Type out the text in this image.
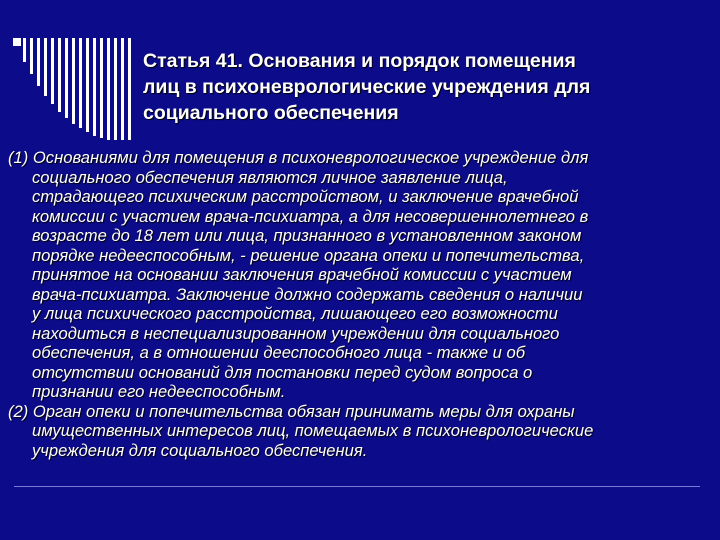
Статья 41. Основания и порядок помещения
лиц в психоневрологические учреждения для
социального обеспечения
(1) Основаниями для помещения в психоневрологическое учреждение для
социального обеспечения являются личное заявление лица,
страдающего психическим расстройством, и заключение врачебной
комиссии с участием врача-психиатра, а для несовершеннолетнего в
возрасте до 18 лет или лица, признанного в установленном законом
порядке недееспособным, - решение органа опеки и попечительства,
принятое на основании заключения врачебной комиссии с участием
врача-психиатра. Заключение должно содержать сведения о наличии
у лица психического расстройства, лишающего его возможности
находиться в неспециализированном учреждении для социального
обеспечения, а в отношении дееспособного лица - также и об
отсутствии оснований для постановки перед судом вопроса о
признании его недееспособным.
(2) Орган опеки и попечительства обязан принимать меры для охраны
имущественных интересов лиц, помещаемых в психоневрологические
учреждения для социального обеспечения.
